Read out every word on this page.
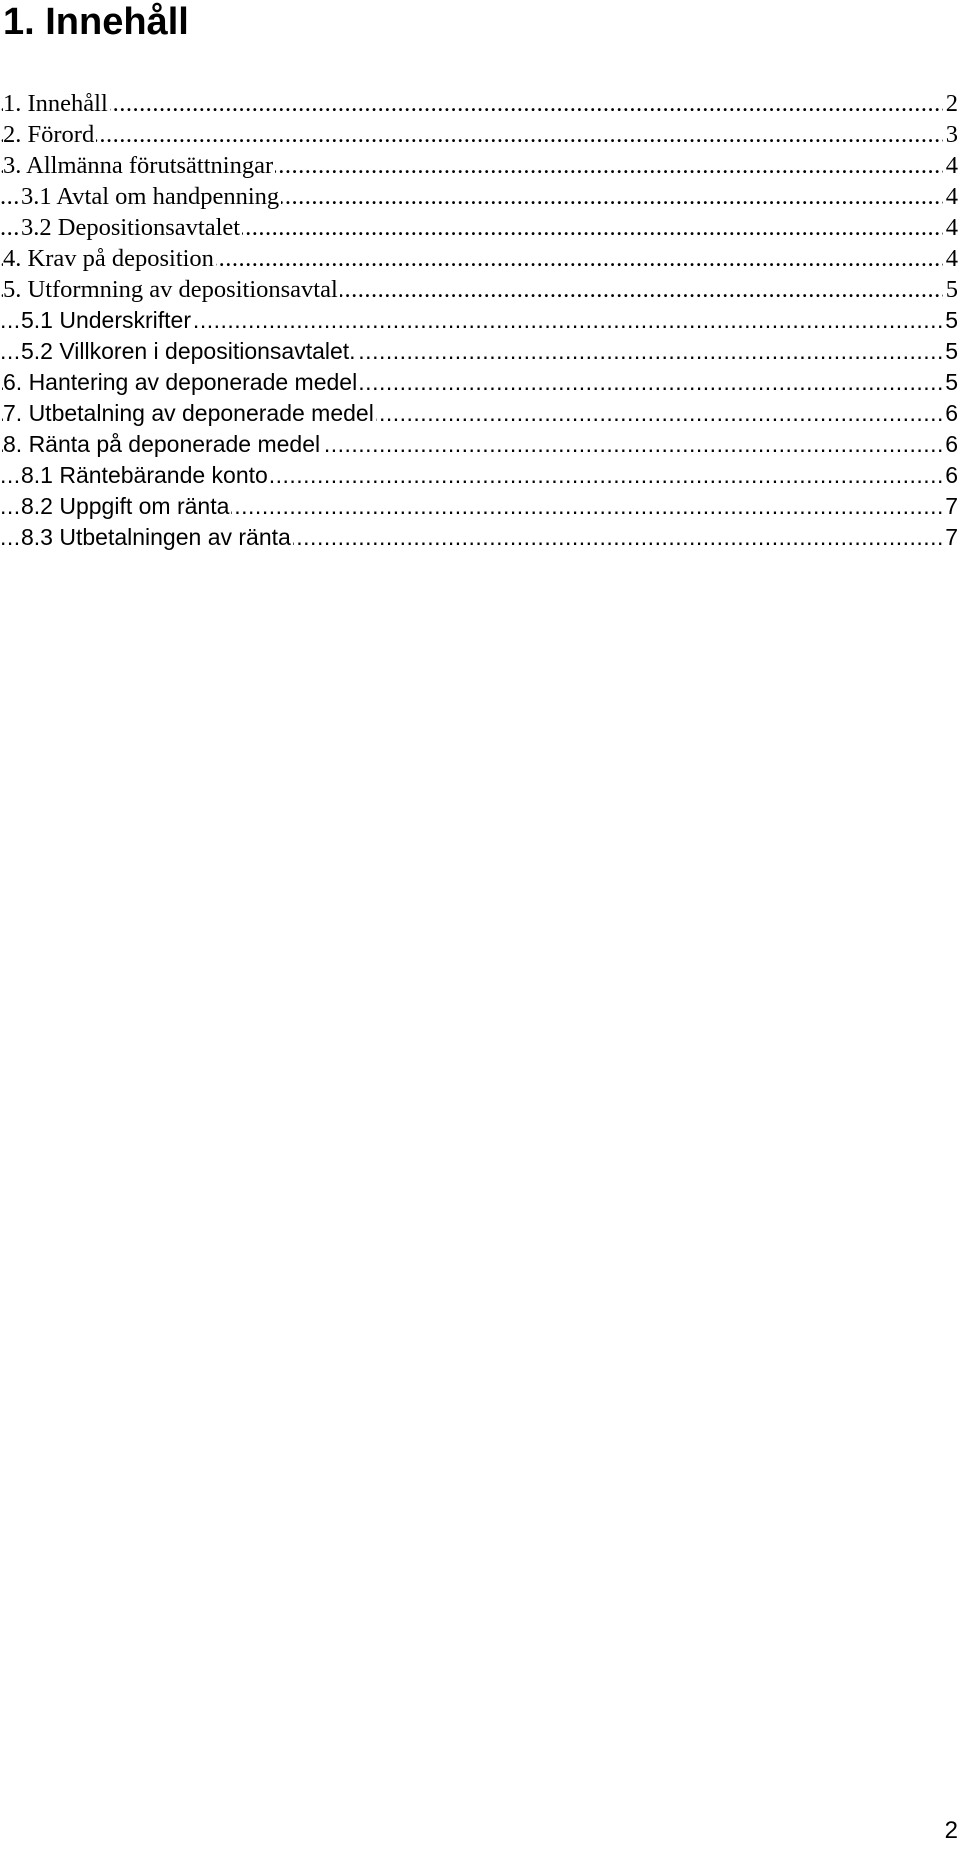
1. Innehåll
.....
1. Innehåll	2
.....
2. Förord	3
.....
3. Allmänna förutsättningar	4
.....
3.1 Avtal om handpenning	4
.....
3.2 Depositionsavtalet	4
.....
4. Krav på deposition	4
.....
5. Utformning av depositionsavtal	5
.....
5.1 Underskrifter	5
.....
5.2 Villkoren i depositionsavtalet.	5
.....
6. Hantering av deponerade medel	5
.....
7. Utbetalning av deponerade medel	6
.....
8. Ränta på deponerade medel	6
.....
8.1 Räntebärande konto	6
.....
8.2 Uppgift om ränta	7
.....
8.3 Utbetalningen av ränta	7
2
